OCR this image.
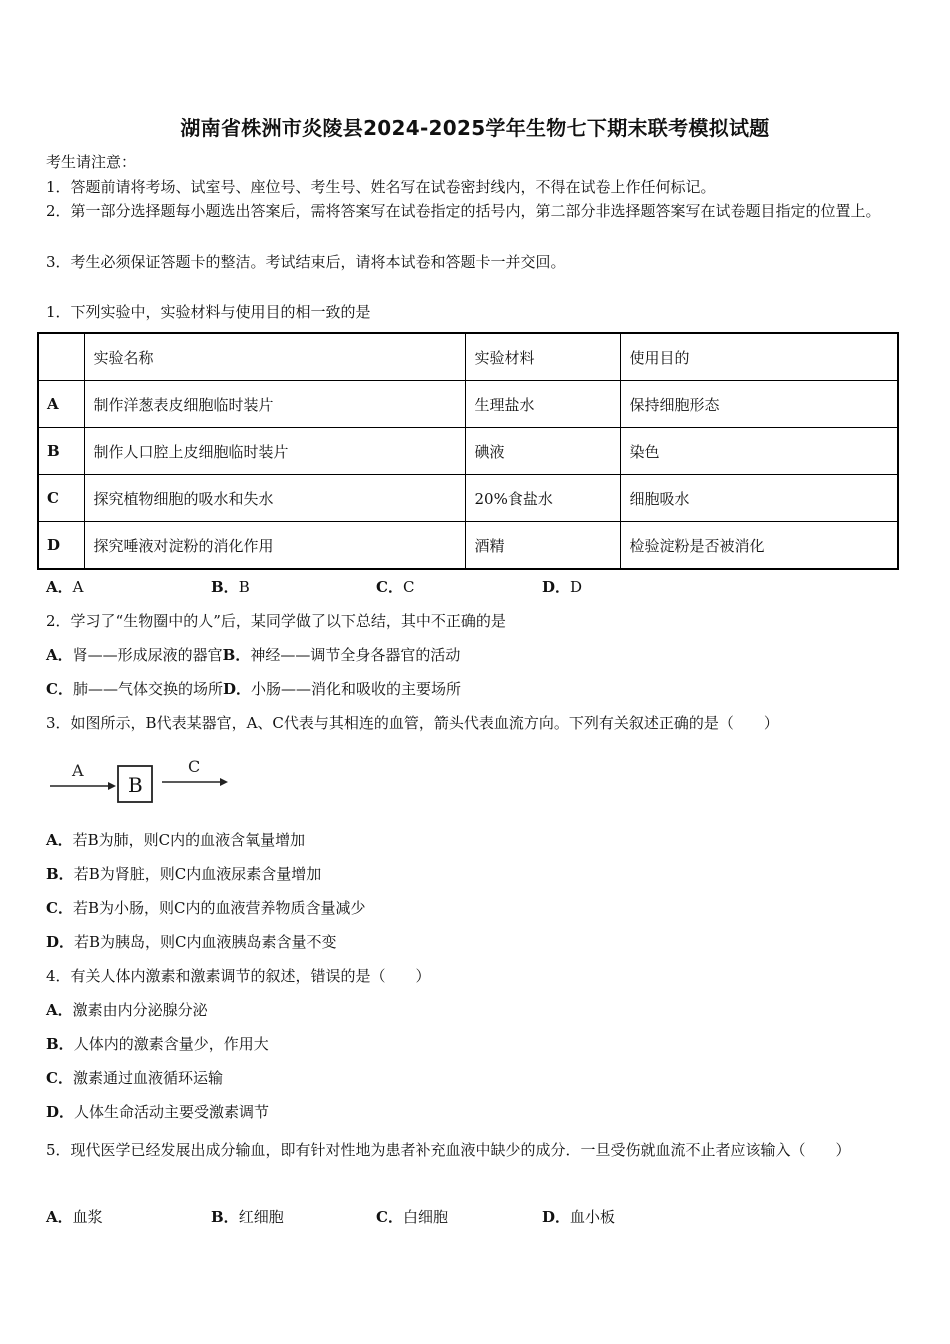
湖南省株洲市炎陵县2024-2025学年生物七下期末联考模拟试题
考生请注意：
1．答题前请将考场、试室号、座位号、考生号、姓名写在试卷密封线内，不得在试卷上作任何标记。
2．第一部分选择题每小题选出答案后，需将答案写在试卷指定的括号内，第二部分非选择题答案写在试卷题目指定的位置上。
3．考生必须保证答题卡的整洁。考试结束后，请将本试卷和答题卡一并交回。
1．下列实验中，实验材料与使用目的相一致的是
	实验名称	实验材料	使用目的
A	制作洋葱表皮细胞临时装片	生理盐水	保持细胞形态
B	制作人口腔上皮细胞临时装片	碘液	染色
C	探究植物细胞的吸水和失水	20%食盐水	细胞吸水
D	探究唾液对淀粉的消化作用	酒精	检验淀粉是否被消化
A．A	B．B	C．C	D．D
2．学习了“生物圈中的人”后，某同学做了以下总结，其中不正确的是
A．肾——形成尿液的器官B．神经——调节全身各器官的活动
C．肺——气体交换的场所D．小肠——消化和吸收的主要场所
3．如图所示，B代表某器官，A、C代表与其相连的血管，箭头代表血流方向。下列有关叙述正确的是（　　）
A
B
C
A．若B为肺，则C内的血液含氧量增加
B．若B为肾脏，则C内血液尿素含量增加
C．若B为小肠，则C内的血液营养物质含量减少
D．若B为胰岛，则C内血液胰岛素含量不变
4．有关人体内激素和激素调节的叙述，错误的是（　　）
A．激素由内分泌腺分泌
B．人体内的激素含量少，作用大
C．激素通过血液循环运输
D．人体生命活动主要受激素调节
5．现代医学已经发展出成分输血，即有针对性地为患者补充血液中缺少的成分．一旦受伤就血流不止者应该输入（　　）
A．血浆	B．红细胞	C．白细胞	D．血小板
